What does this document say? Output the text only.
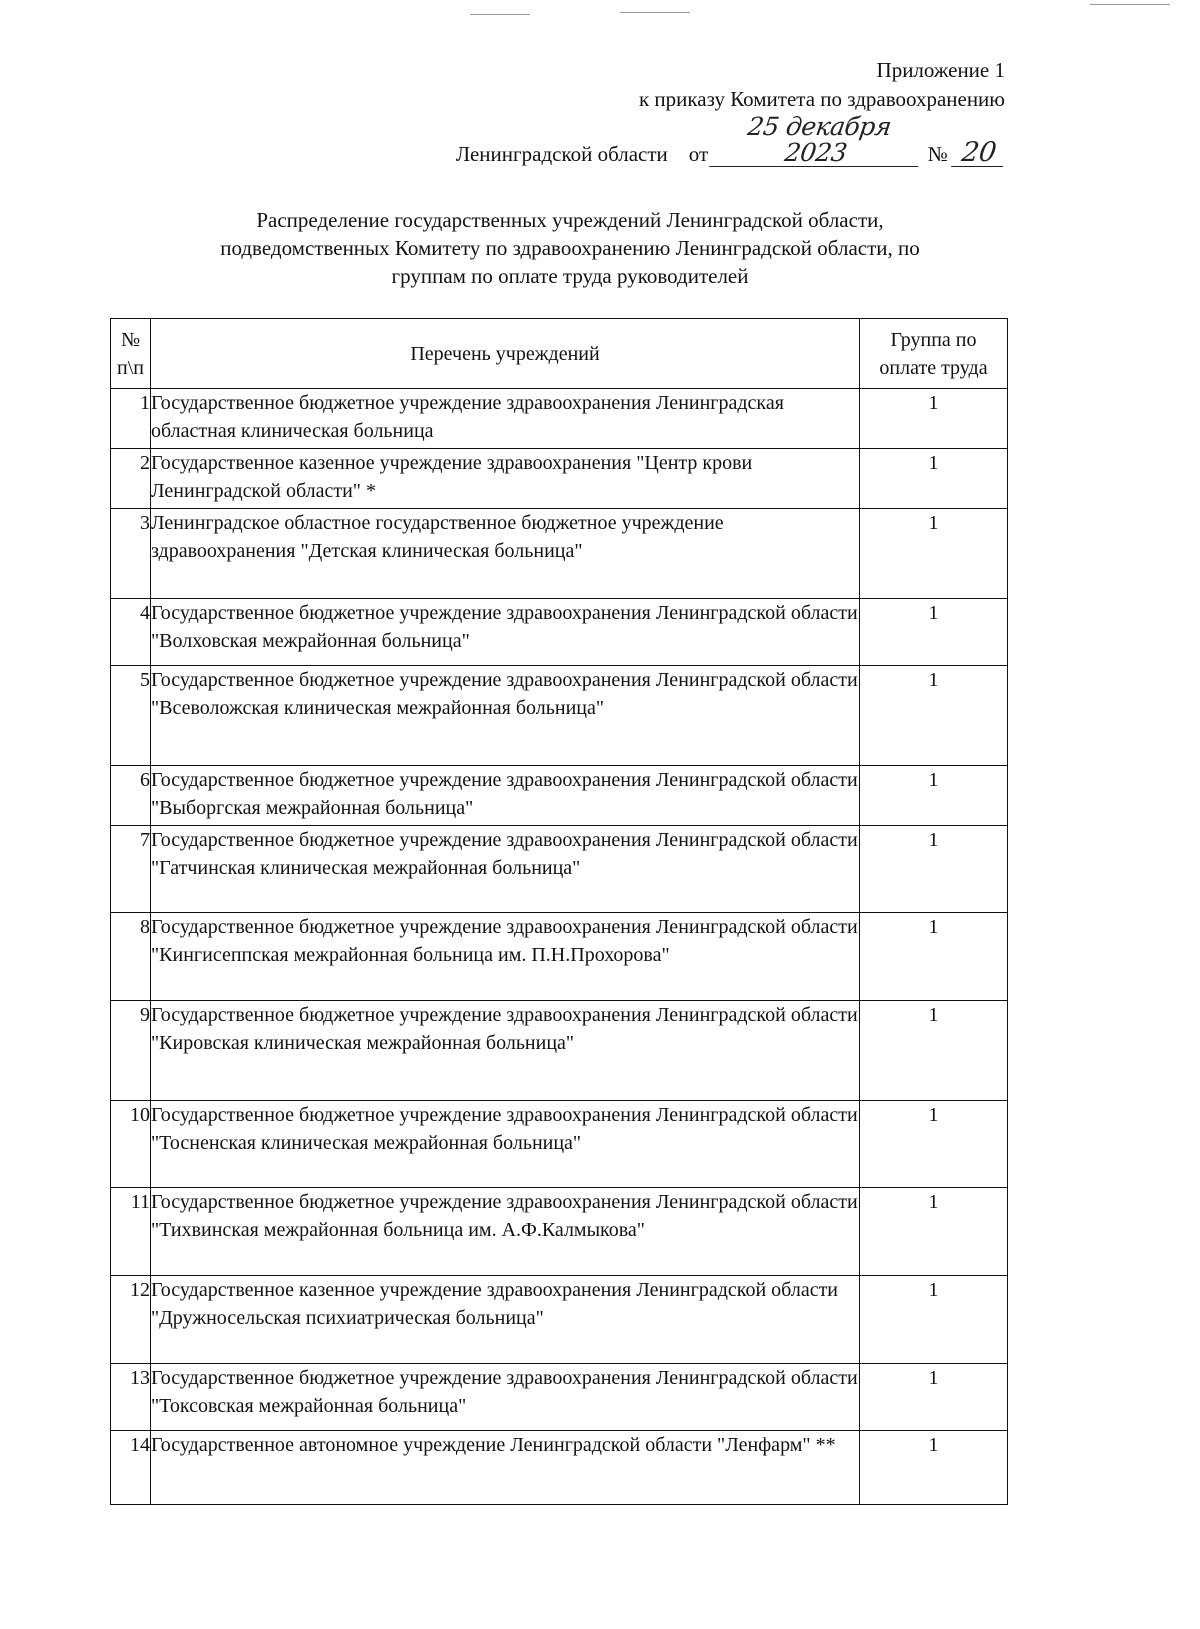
Приложение 1
к приказу Комитета по здравоохранению
Ленинградской области от 25 декабря 2023	№ 20
Распределение государственных учреждений Ленинградской области,
подведомственных Комитету по здравоохранению Ленинградской области, по
группам по оплате труда руководителей
№ п\п	Перечень учреждений	Группа по оплате труда
1	Государственное бюджетное учреждение здравоохранения Ленинградская областная клиническая больница	1
2	Государственное казенное учреждение здравоохранения "Центр крови Ленинградской области" *	1
3	Ленинградское областное государственное бюджетное учреждение здравоохранения "Детская клиническая больница"	1
4	Государственное бюджетное учреждение здравоохранения Ленинградской области "Волховская межрайонная больница"	1
5	Государственное бюджетное учреждение здравоохранения Ленинградской области "Всеволожская клиническая межрайонная больница"	1
6	Государственное бюджетное учреждение здравоохранения Ленинградской области "Выборгская межрайонная больница"	1
7	Государственное бюджетное учреждение здравоохранения Ленинградской области "Гатчинская клиническая межрайонная больница"	1
8	Государственное бюджетное учреждение здравоохранения Ленинградской области "Кингисеппская межрайонная больница им. П.Н.Прохорова"	1
9	Государственное бюджетное учреждение здравоохранения Ленинградской области "Кировская клиническая межрайонная больница"	1
10	Государственное бюджетное учреждение здравоохранения Ленинградской области "Тосненская клиническая межрайонная больница"	1
11	Государственное бюджетное учреждение здравоохранения Ленинградской области "Тихвинская межрайонная больница им. А.Ф.Калмыкова"	1
12	Государственное казенное учреждение здравоохранения Ленинградской области "Дружносельская психиатрическая больница"	1
13	Государственное бюджетное учреждение здравоохранения Ленинградской области "Токсовская межрайонная больница"	1
14	Государственное автономное учреждение Ленинградской области "Ленфарм" **	1
